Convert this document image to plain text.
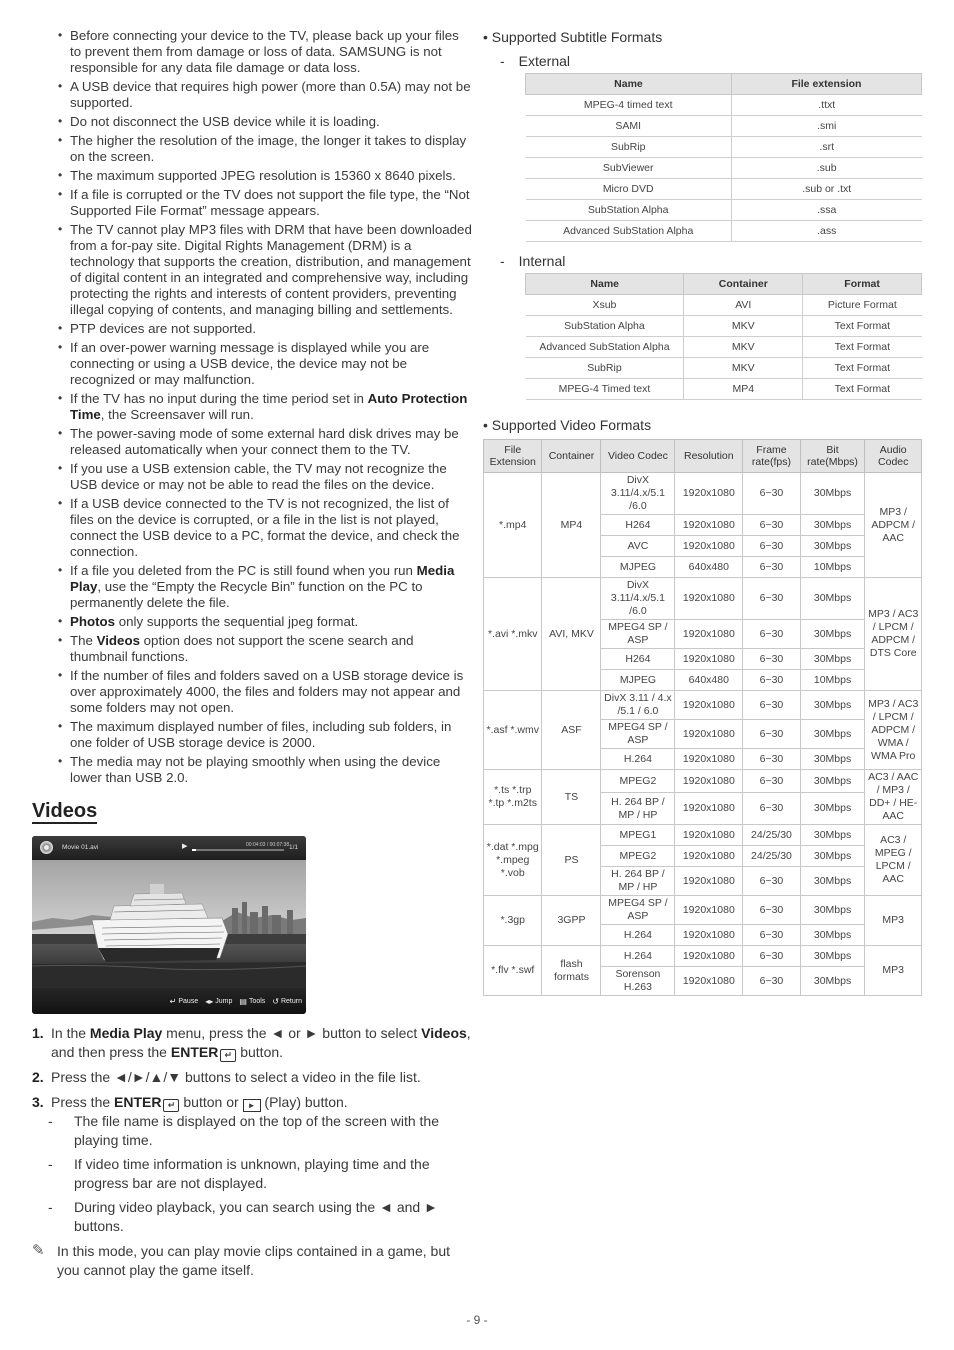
• Before connecting your device to the TV, please back up your files to prevent them from damage or loss of data. SAMSUNG is not responsible for any data file damage or data loss.
• A USB device that requires high power (more than 0.5A) may not be supported.
• Do not disconnect the USB device while it is loading.
• The higher the resolution of the image, the longer it takes to display on the screen.
• The maximum supported JPEG resolution is 15360 x 8640 pixels.
• If a file is corrupted or the TV does not support the file type, the “Not Supported File Format” message appears.
• The TV cannot play MP3 files with DRM that have been downloaded from a for-pay site. Digital Rights Management (DRM) is a technology that supports the creation, distribution, and management of digital content in an integrated and comprehensive way, including protecting the rights and interests of content providers, preventing illegal copying of contents, and managing billing and settlements.
• PTP devices are not supported.
• If an over-power warning message is displayed while you are connecting or using a USB device, the device may not be recognized or may malfunction.
• If the TV has no input during the time period set in Auto Protection Time, the Screensaver will run.
• The power-saving mode of some external hard disk drives may be released automatically when your connect them to the TV.
• If you use a USB extension cable, the TV may not recognize the USB device or may not be able to read the files on the device.
• If a USB device connected to the TV is not recognized, the list of files on the device is corrupted, or a file in the list is not played, connect the USB device to a PC, format the device, and check the connection.
• If a file you deleted from the PC is still found when you run Media Play, use the “Empty the Recycle Bin” function on the PC to permanently delete the file.
• Photos only supports the sequential jpeg format.
• The Videos option does not support the scene search and thumbnail functions.
• If the number of files and folders saved on a USB storage device is over approximately 4000, the files and folders may not appear and some folders may not open.
• The maximum displayed number of files, including sub folders, in one folder of USB storage device is 2000.
• The media may not be playing smoothly when using the device lower than USB 2.0.
Videos
Movie 01.avi	▶	00:04:03 / 00:07:38 1/1
↵ Pause ◂▸ Jump ▤ Tools ↺ Return
1. In the Media Play menu, press the ◄ or ► button to select Videos, and then press the ENTER ↵ button.
2. Press the ◄/►/▲/▼ buttons to select a video in the file list.
3. Press the ENTER ↵ button or ► (Play) button.
- The file name is displayed on the top of the screen with the playing time.
- If video time information is unknown, playing time and the progress bar are not displayed.
- During video playback, you can search using the ◄ and ► buttons.
✎ In this mode, you can play movie clips contained in a game, but you cannot play the game itself.
• Supported Subtitle Formats
- External
Name	File extension
MPEG-4 timed text	.ttxt
SAMI	.smi
SubRip	.srt
SubViewer	.sub
Micro DVD	.sub or .txt
SubStation Alpha	.ssa
Advanced SubStation Alpha	.ass
- Internal
Name	Container	Format
Xsub	AVI	Picture Format
SubStation Alpha	MKV	Text Format
Advanced SubStation Alpha	MKV	Text Format
SubRip	MKV	Text Format
MPEG-4 Timed text	MP4	Text Format
• Supported Video Formats
File Extension	Container	Video Codec	Resolution	Frame rate(fps)	Bit rate(Mbps)	Audio Codec
*.mp4	MP4	DivX 3.11/4.x/5.1 /6.0	1920x1080	6~30	30Mbps	MP3 / ADPCM / AAC
		H264	1920x1080	6~30	30Mbps	
		AVC	1920x1080	6~30	30Mbps	
		MJPEG	640x480	6~30	10Mbps	
*.avi *.mkv	AVI, MKV	DivX 3.11/4.x/5.1 /6.0	1920x1080	6~30	30Mbps	MP3 / AC3 / LPCM / ADPCM / DTS Core
		MPEG4 SP / ASP	1920x1080	6~30	30Mbps	
		H264	1920x1080	6~30	30Mbps	
		MJPEG	640x480	6~30	10Mbps	
*.asf *.wmv	ASF	DivX 3.11 / 4.x /5.1 / 6.0	1920x1080	6~30	30Mbps	MP3 / AC3 / LPCM / ADPCM / WMA / WMA Pro
		MPEG4 SP / ASP	1920x1080	6~30	30Mbps	
		H.264	1920x1080	6~30	30Mbps	
*.ts *.trp *.tp *.m2ts	TS	MPEG2	1920x1080	6~30	30Mbps	AC3 / AAC / MP3 / DD+ / HE-AAC
		H. 264 BP / MP / HP	1920x1080	6~30	30Mbps	
*.dat *.mpg *.mpeg *.vob	PS	MPEG1	1920x1080	24/25/30	30Mbps	AC3 / MPEG / LPCM / AAC
		MPEG2	1920x1080	24/25/30	30Mbps	
		H. 264 BP / MP / HP	1920x1080	6~30	30Mbps	
*.3gp	3GPP	MPEG4 SP / ASP	1920x1080	6~30	30Mbps	MP3
		H.264	1920x1080	6~30	30Mbps	
*.flv *.swf	flash formats	H.264	1920x1080	6~30	30Mbps	MP3
		Sorenson H.263	1920x1080	6~30	30Mbps	
- 9 -
